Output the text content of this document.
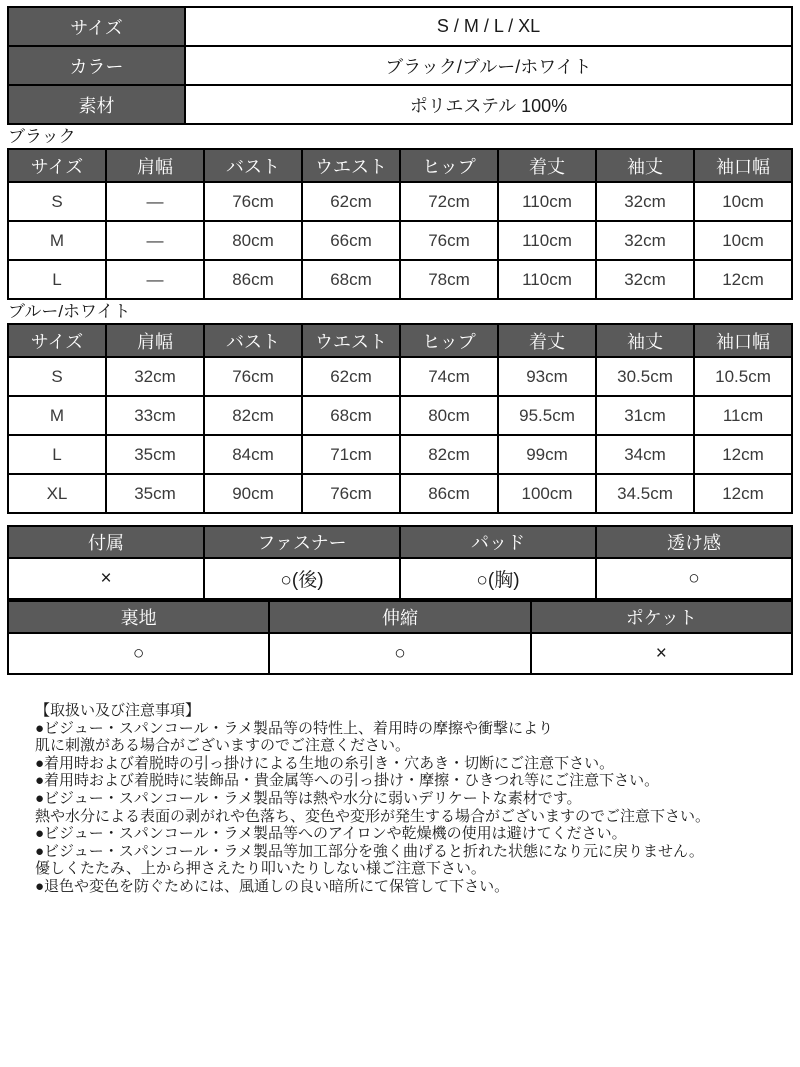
サイズ	S / M / L / XL
カラー	ブラック/ブルー/ホワイト
素材	ポリエステル 100%
ブラック
サイズ	肩幅	バスト	ウエスト	ヒップ	着丈	袖丈	袖口幅
S	―	76cm	62cm	72cm	110cm	32cm	10cm
M	―	80cm	66cm	76cm	110cm	32cm	10cm
L	―	86cm	68cm	78cm	110cm	32cm	12cm
ブルー/ホワイト
サイズ	肩幅	バスト	ウエスト	ヒップ	着丈	袖丈	袖口幅
S	32cm	76cm	62cm	74cm	93cm	30.5cm	10.5cm
M	33cm	82cm	68cm	80cm	95.5cm	31cm	11cm
L	35cm	84cm	71cm	82cm	99cm	34cm	12cm
XL	35cm	90cm	76cm	86cm	100cm	34.5cm	12cm
付属	ファスナー	パッド	透け感
×	○(後)	○(胸)	○
裏地	伸縮	ポケット
○	○	×

【取扱い及び注意事項】

●ビジュー・スパンコール・ラメ製品等の特性上、着用時の摩擦や衝撃により

肌に刺激がある場合がございますのでご注意ください。

●着用時および着脱時の引っ掛けによる生地の糸引き・穴あき・切断にご注意下さい。

●着用時および着脱時に装飾品・貴金属等への引っ掛け・摩擦・ひきつれ等にご注意下さい。

●ビジュー・スパンコール・ラメ製品等は熱や水分に弱いデリケートな素材です。

熱や水分による表面の剥がれや色落ち、変色や変形が発生する場合がございますのでご注意下さい。

●ビジュー・スパンコール・ラメ製品等へのアイロンや乾燥機の使用は避けてください。

●ビジュー・スパンコール・ラメ製品等加工部分を強く曲げると折れた状態になり元に戻りません。

優しくたたみ、上から押さえたり叩いたりしない様ご注意下さい。

●退色や変色を防ぐためには、風通しの良い暗所にて保管して下さい。
